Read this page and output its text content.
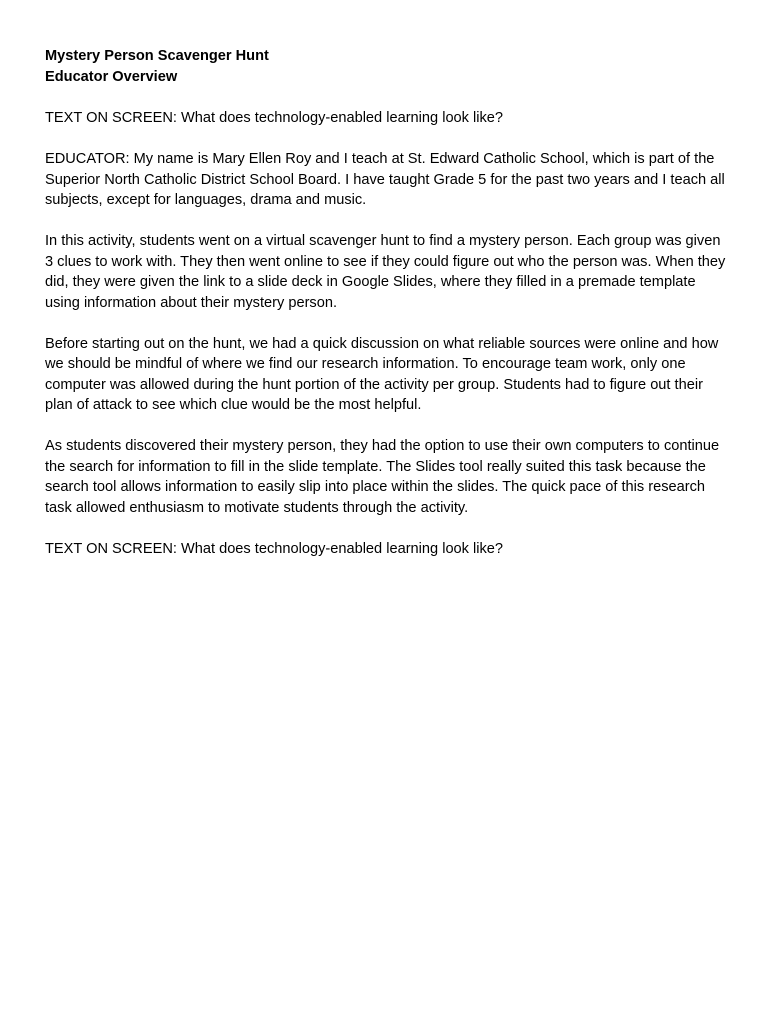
Mystery Person Scavenger Hunt
Educator Overview

TEXT ON SCREEN: What does technology-enabled learning look like?

EDUCATOR: My name is Mary Ellen Roy and I teach at St. Edward Catholic School, which is part of the Superior North Catholic District School Board. I have taught Grade 5 for the past two years and I teach all subjects, except for languages, drama and music.

In this activity, students went on a virtual scavenger hunt to find a mystery person. Each group was given 3 clues to work with. They then went online to see if they could figure out who the person was. When they did, they were given the link to a slide deck in Google Slides, where they filled in a premade template using information about their mystery person.

Before starting out on the hunt, we had a quick discussion on what reliable sources were online and how we should be mindful of where we find our research information. To encourage team work, only one computer was allowed during the hunt portion of the activity per group. Students had to figure out their plan of attack to see which clue would be the most helpful.

As students discovered their mystery person, they had the option to use their own computers to continue the search for information to fill in the slide template. The Slides tool really suited this task because the search tool allows information to easily slip into place within the slides. The quick pace of this research task allowed enthusiasm to motivate students through the activity.

TEXT ON SCREEN: What does technology-enabled learning look like?
